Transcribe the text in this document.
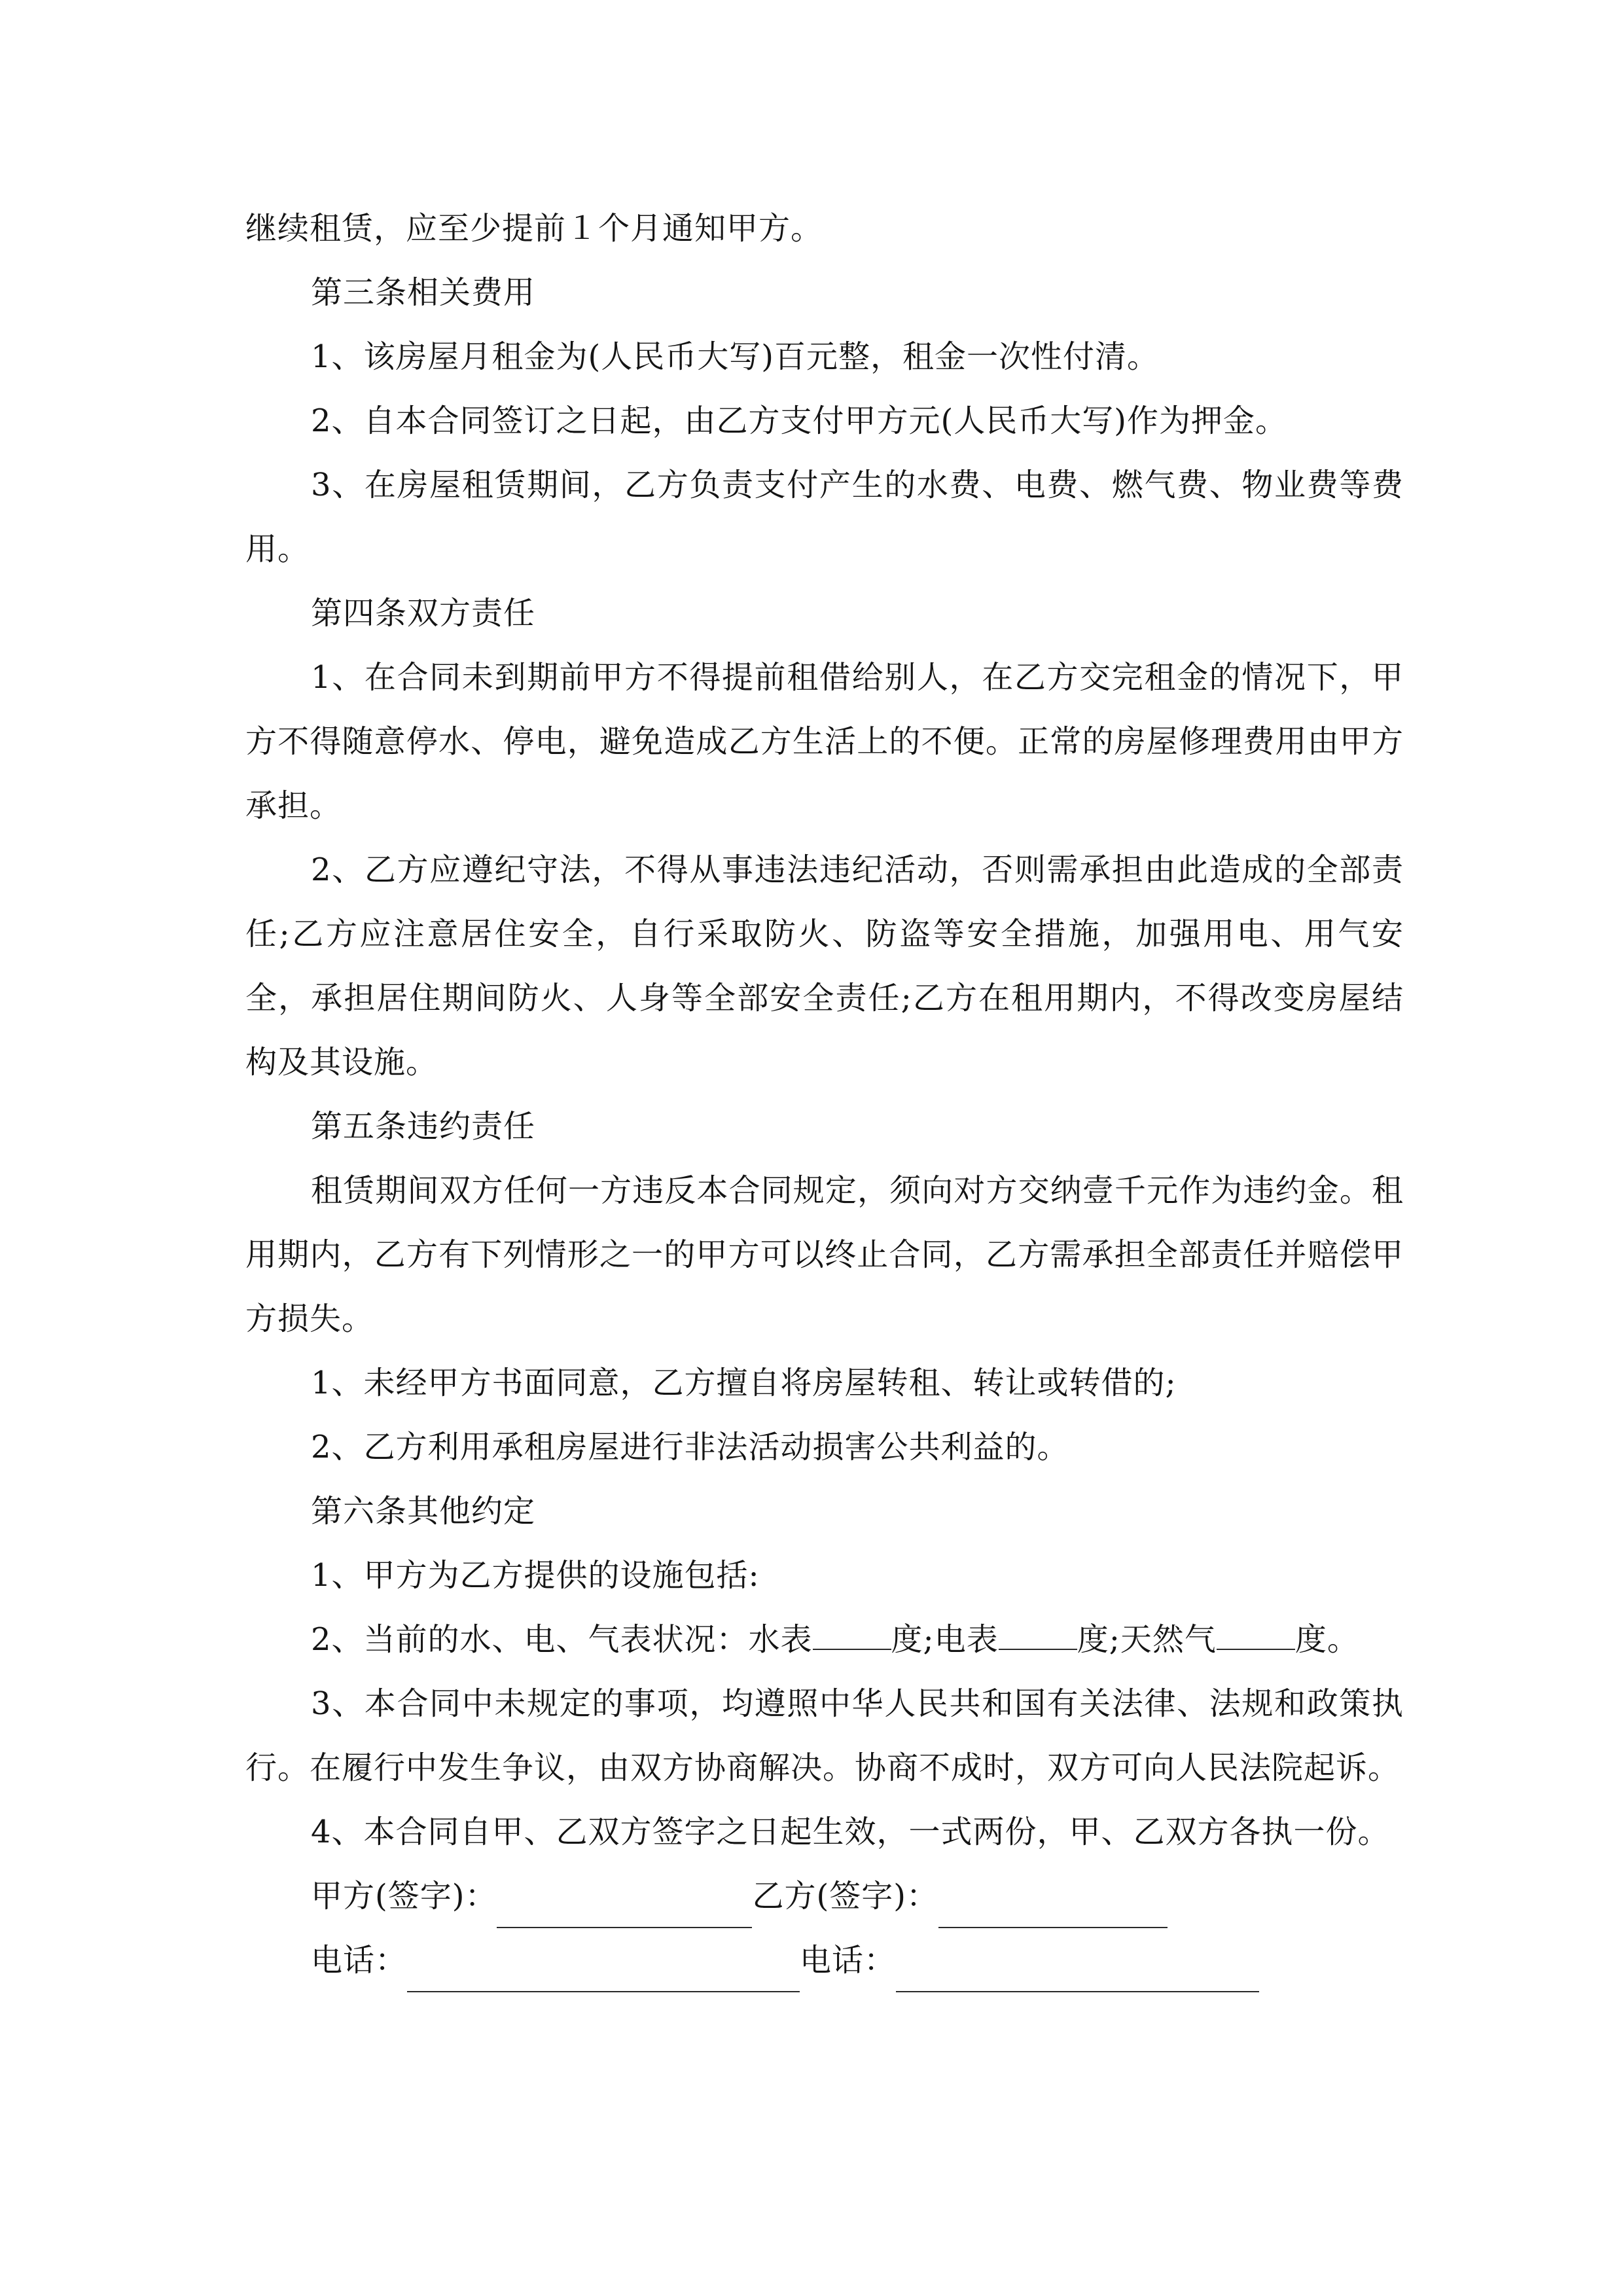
继续租赁，应至少提前１个月通知甲方。

第三条相关费用

1、该房屋月租金为(人民币大写)百元整，租金一次性付清。

2、自本合同签订之日起，由乙方支付甲方元(人民币大写)作为押金。

3、在房屋租赁期间，乙方负责支付产生的水费、电费、燃气费、物业费等费用。

第四条双方责任

1、在合同未到期前甲方不得提前租借给别人，在乙方交完租金的情况下，甲方不得随意停水、停电，避免造成乙方生活上的不便。正常的房屋修理费用由甲方承担。

2、乙方应遵纪守法，不得从事违法违纪活动，否则需承担由此造成的全部责任;乙方应注意居住安全，自行采取防火、防盗等安全措施，加强用电、用气安全，承担居住期间防火、人身等全部安全责任;乙方在租用期内，不得改变房屋结构及其设施。

第五条违约责任

租赁期间双方任何一方违反本合同规定，须向对方交纳壹千元作为违约金。租用期内，乙方有下列情形之一的甲方可以终止合同，乙方需承担全部责任并赔偿甲方损失。

1、未经甲方书面同意，乙方擅自将房屋转租、转让或转借的;

2、乙方利用承租房屋进行非法活动损害公共利益的。

第六条其他约定

1、甲方为乙方提供的设施包括:

2、当前的水、电、气表状况：水表	度;电表	度;天然气	度。

3、本合同中未规定的事项，均遵照中华人民共和国有关法律、法规和政策执行。在履行中发生争议，由双方协商解决。协商不成时，双方可向人民法院起诉。

4、本合同自甲、乙双方签字之日起生效，一式两份，甲、乙双方各执一份。

甲方(签字)：	乙方(签字)：
电话：	电话：
